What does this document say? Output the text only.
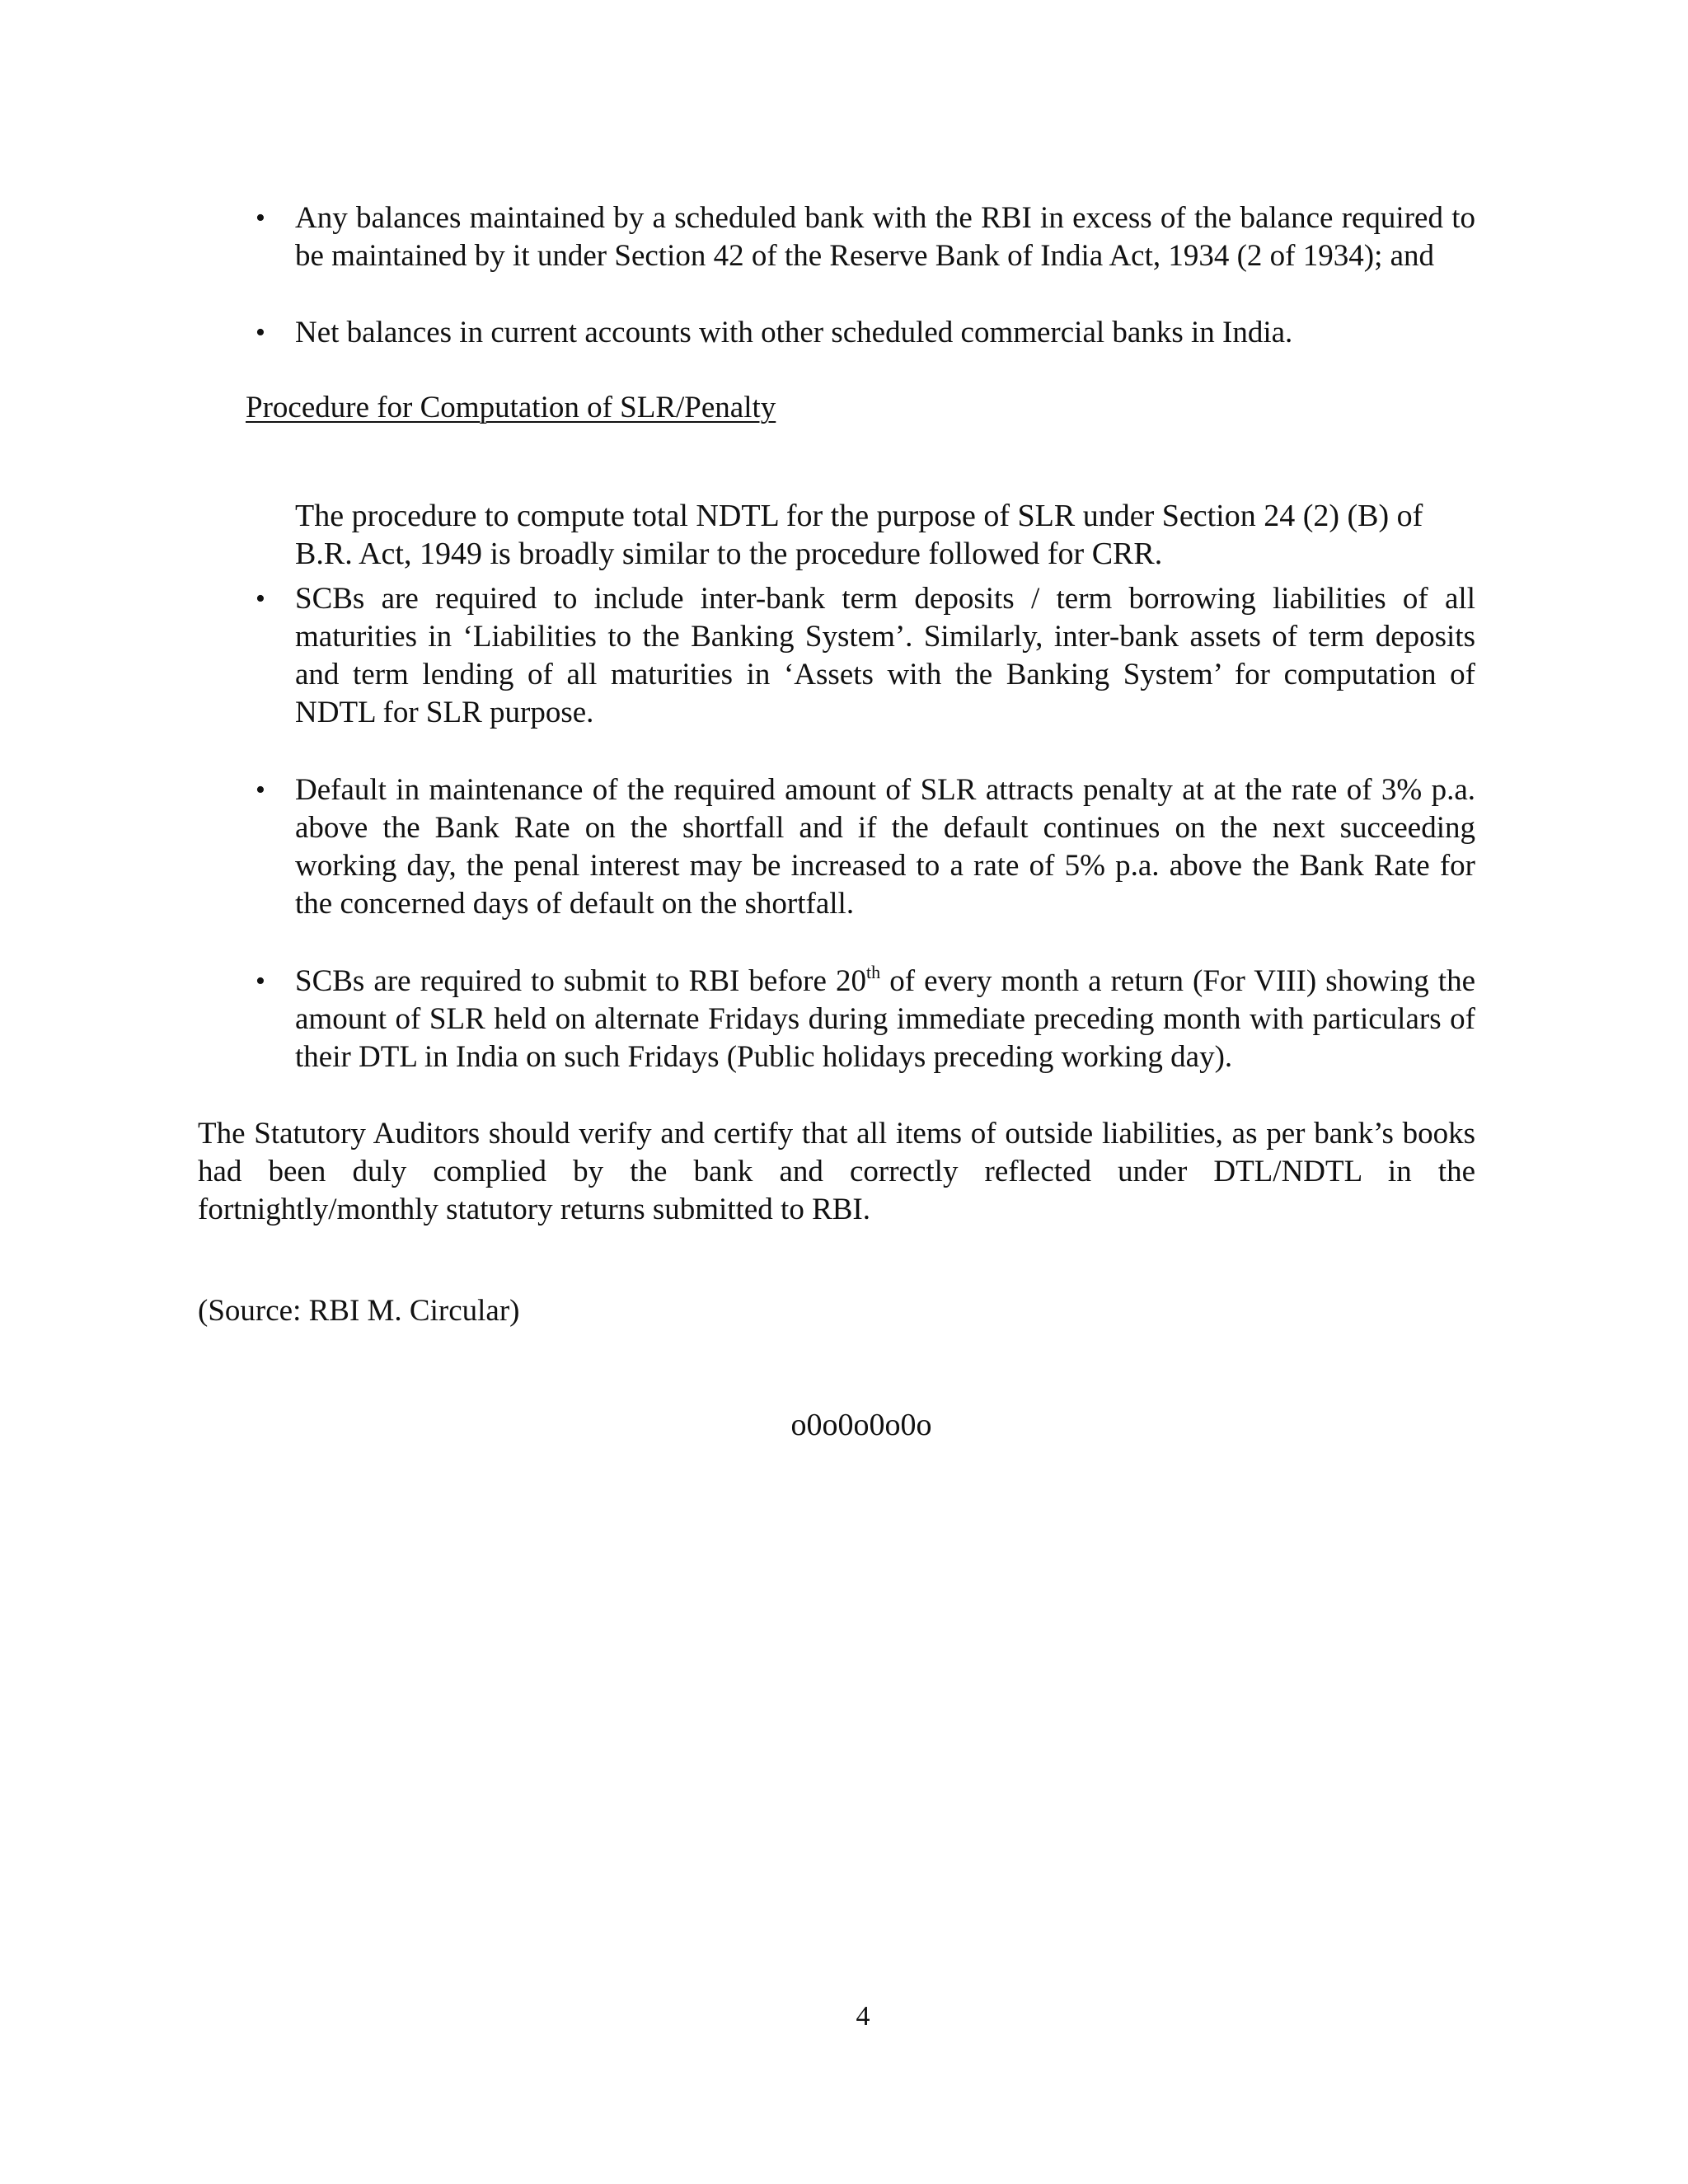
• Any balances maintained by a scheduled bank with the RBI in excess of the balance required to be maintained by it under Section 42 of the Reserve Bank of India Act, 1934 (2 of 1934); and
• Net balances in current accounts with other scheduled commercial banks in India.
Procedure for Computation of SLR/Penalty

The procedure to compute total NDTL for the purpose of SLR under Section 24 (2) (B) of B.R. Act, 1949 is broadly similar to the procedure followed for CRR.

• SCBs are required to include inter-bank term deposits / term borrowing liabilities of all maturities in ‘Liabilities to the Banking System’. Similarly, inter-bank assets of term deposits and term lending of all maturities in ‘Assets with the Banking System’ for computation of NDTL for SLR purpose.
• Default in maintenance of the required amount of SLR attracts penalty at at the rate of 3% p.a. above the Bank Rate on the shortfall and if the default continues on the next succeeding working day, the penal interest may be increased to a rate of 5% p.a. above the Bank Rate for the concerned days of default on the shortfall.
• SCBs are required to submit to RBI before 20th of every month a return (For VIII) showing the amount of SLR held on alternate Fridays during immediate preceding month with particulars of their DTL in India on such Fridays (Public holidays preceding working day).

The Statutory Auditors should verify and certify that all items of outside liabilities, as per bank’s books had been duly complied by the bank and correctly reflected under DTL/NDTL in the fortnightly/monthly statutory returns submitted to RBI.

(Source: RBI M. Circular)
o0o0o0o0o
4
